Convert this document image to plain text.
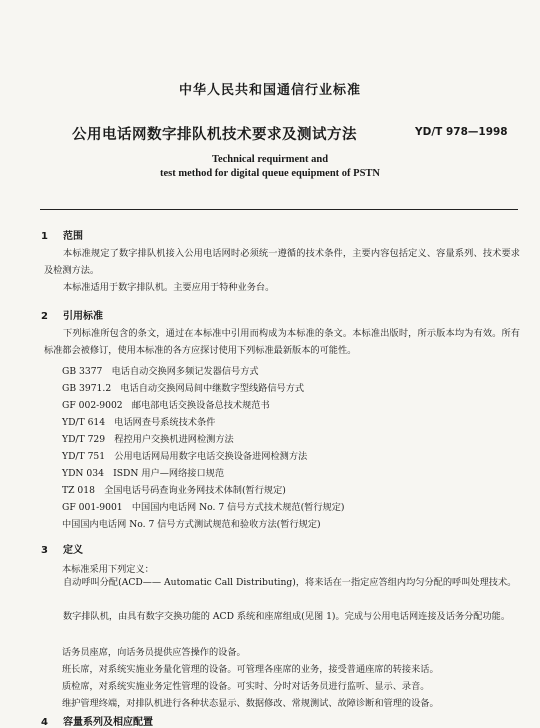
中华人民共和国通信行业标准
公用电话网数字排队机技术要求及测试方法	YD/T 978—1998
Technical requirment and
test method for digital queue equipment of PSTN
1 范围
本标准规定了数字排队机接入公用电话网时必须统一遵循的技术条件，主要内容包括定义、容量系列、技术要求及检测方法。
本标准适用于数字排队机。主要应用于特种业务台。
2 引用标准
下列标准所包含的条文，通过在本标准中引用而构成为本标准的条文。本标准出版时，所示版本均为有效。所有标准都会被修订，使用本标准的各方应探讨使用下列标准最新版本的可能性。
GB 3377　电话自动交换网多频记发器信号方式
GB 3971.2　电话自动交换网局间中继数字型线路信号方式
GF 002-9002　邮电部电话交换设备总技术规范书
YD/T 614　电话网查号系统技术条件
YD/T 729　程控用户交换机进网检测方法
YD/T 751　公用电话网局用数字电话交换设备进网检测方法
YDN 034　ISDN 用户—网络接口规范
TZ 018　全国电话号码查询业务网技术体制(暂行规定)
GF 001-9001　中国国内电话网 No. 7 信号方式技术规范(暂行规定)
中国国内电话网 No. 7 信号方式测试规范和验收方法(暂行规定)
3 定义
本标准采用下列定义：
自动呼叫分配(ACD—— Automatic Call Distributing)，将来话在一指定应答组内均匀分配的呼叫处理技术。
数字排队机，由具有数字交换功能的 ACD 系统和座席组成(见图 1)。完成与公用电话网连接及话务分配功能。
话务员座席，向话务员提供应答操作的设备。
班长席，对系统实施业务量化管理的设备。可管理各座席的业务，接受普通座席的转接来话。
质检席，对系统实施业务定性管理的设备。可实时、分时对话务员进行监听、显示、录音。
维护管理终端，对排队机进行各种状态显示、数据修改、常规测试、故障诊断和管理的设备。
4 容量系列及相应配置
